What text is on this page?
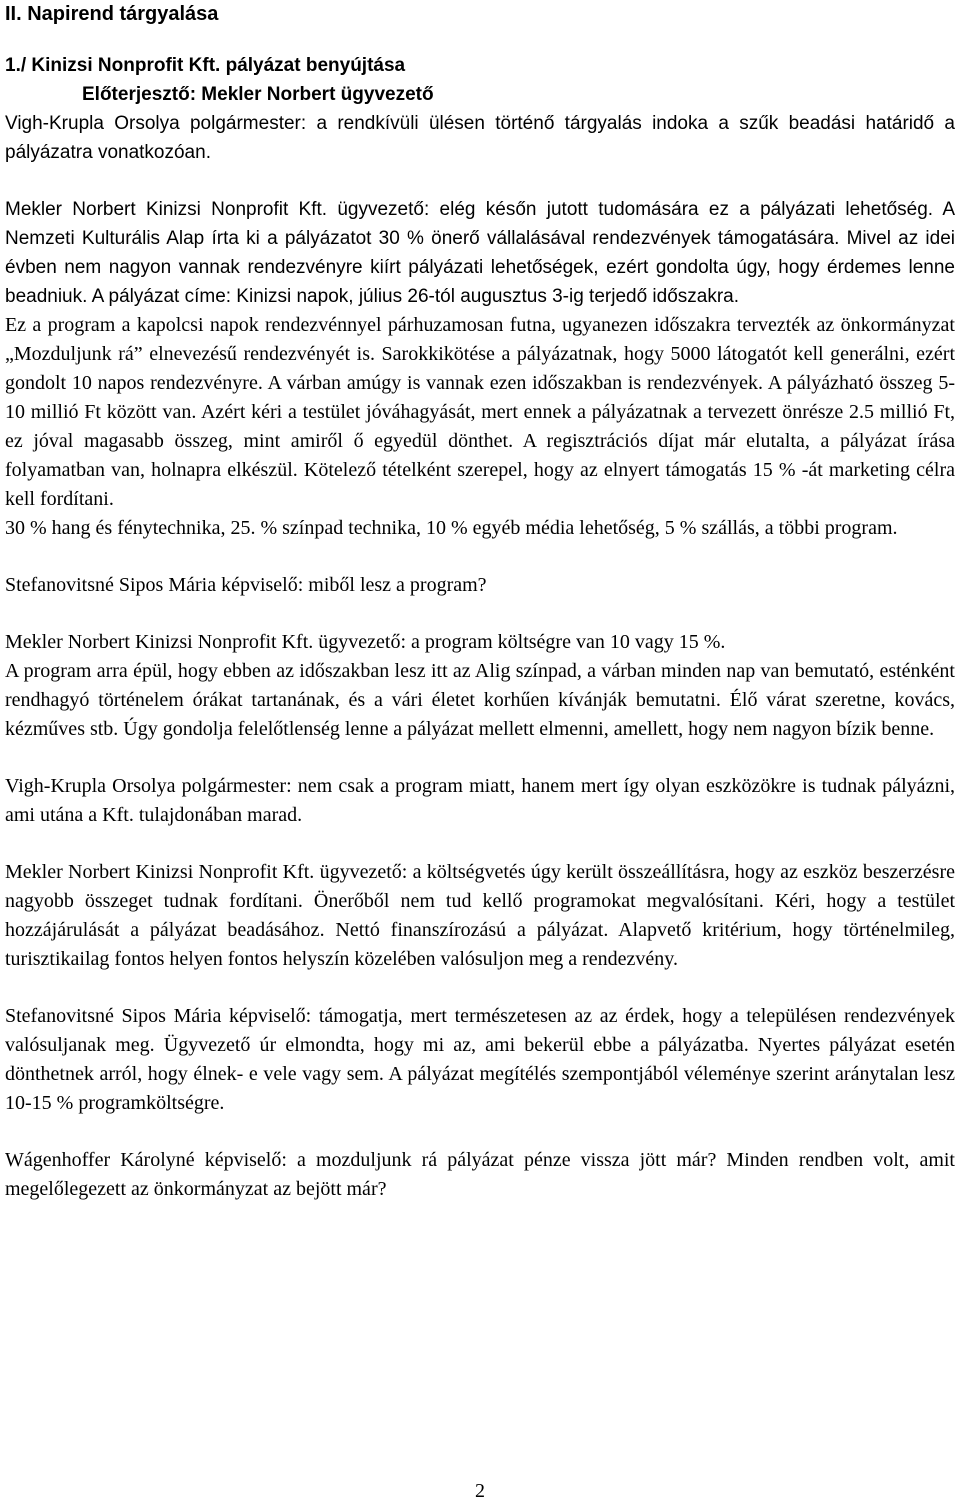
II. Napirend tárgyalása

1./ Kinizsi Nonprofit Kft. pályázat benyújtása

Előterjesztő: Mekler Norbert ügyvezető

Vigh-Krupla Orsolya polgármester: a rendkívüli ülésen történő tárgyalás indoka a szűk beadási határidő a pályázatra vonatkozóan.

Mekler Norbert Kinizsi Nonprofit Kft. ügyvezető: elég későn jutott tudomására ez a pályázati lehetőség. A Nemzeti Kulturális Alap írta ki a pályázatot 30 % önerő vállalásával rendezvények támogatására. Mivel az idei évben nem nagyon vannak rendezvényre kiírt pályázati lehetőségek, ezért gondolta úgy, hogy érdemes lenne beadniuk. A pályázat címe: Kinizsi napok, július 26-tól augusztus 3-ig terjedő időszakra.

Ez a program a kapolcsi napok rendezvénnyel párhuzamosan futna, ugyanezen időszakra tervezték az önkormányzat „Mozduljunk rá” elnevezésű rendezvényét is. Sarokkikötése a pályázatnak, hogy 5000 látogatót kell generálni, ezért gondolt 10 napos rendezvényre. A várban amúgy is vannak ezen időszakban is rendezvények. A pályázható összeg 5-10 millió Ft között van. Azért kéri a testület jóváhagyását, mert ennek a pályázatnak a tervezett önrésze 2.5 millió Ft, ez jóval magasabb összeg, mint amiről ő egyedül dönthet. A regisztrációs díjat már elutalta, a pályázat írása folyamatban van, holnapra elkészül. Kötelező tételként szerepel, hogy az elnyert támogatás 15 % -át marketing célra kell fordítani.

30 % hang és fénytechnika, 25. % színpad technika, 10 % egyéb média lehetőség, 5 % szállás, a többi program.

Stefanovitsné Sipos Mária képviselő: miből lesz a program?

Mekler Norbert Kinizsi Nonprofit Kft. ügyvezető: a program költségre van 10 vagy 15 %.

A program arra épül, hogy ebben az időszakban lesz itt az Alig színpad, a várban minden nap van bemutató, esténként rendhagyó történelem órákat tartanának, és a vári életet korhűen kívánják bemutatni. Élő várat szeretne, kovács, kézműves stb. Úgy gondolja felelőtlenség lenne a pályázat mellett elmenni, amellett, hogy nem nagyon bízik benne.

Vigh-Krupla Orsolya polgármester: nem csak a program miatt, hanem mert így olyan eszközökre is tudnak pályázni, ami utána a Kft. tulajdonában marad.

Mekler Norbert Kinizsi Nonprofit Kft. ügyvezető: a költségvetés úgy került összeállításra, hogy az eszköz beszerzésre nagyobb összeget tudnak fordítani. Önerőből nem tud kellő programokat megvalósítani. Kéri, hogy a testület hozzájárulását a pályázat beadásához. Nettó finanszírozású a pályázat. Alapvető kritérium, hogy történelmileg, turisztikailag fontos helyen fontos helyszín közelében valósuljon meg a rendezvény.

Stefanovitsné Sipos Mária képviselő: támogatja, mert természetesen az az érdek, hogy a településen rendezvények valósuljanak meg. Ügyvezető úr elmondta, hogy mi az, ami bekerül ebbe a pályázatba. Nyertes pályázat esetén dönthetnek arról, hogy élnek- e vele vagy sem. A pályázat megítélés szempontjából véleménye szerint aránytalan lesz 10-15 % programköltségre.

Wágenhoffer Károlyné képviselő: a mozduljunk rá pályázat pénze vissza jött már? Minden rendben volt, amit megelőlegezett az önkormányzat az bejött már?

2
